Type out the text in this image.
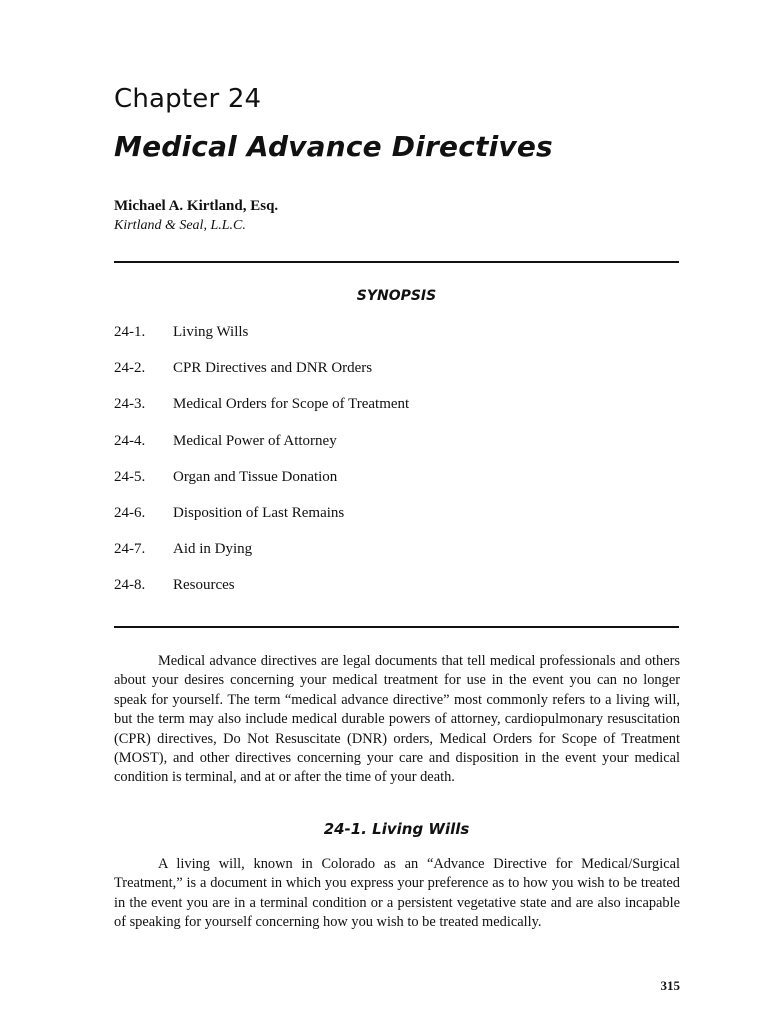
Chapter 24
Medical Advance Directives
Michael A. Kirtland, Esq.
Kirtland & Seal, L.L.C.
SYNOPSIS
24-1.	Living Wills
24-2.	CPR Directives and DNR Orders
24-3.	Medical Orders for Scope of Treatment
24-4.	Medical Power of Attorney
24-5.	Organ and Tissue Donation
24-6.	Disposition of Last Remains
24-7.	Aid in Dying
24-8.	Resources

Medical advance directives are legal documents that tell medical professionals and others about your desires concerning your medical treatment for use in the event you can no longer speak for yourself. The term “medical advance directive” most commonly refers to a living will, but the term may also include medical durable powers of attorney, cardiopulmonary resuscitation (CPR) directives, Do Not Resuscitate (DNR) orders, Medical Orders for Scope of Treatment (MOST), and other directives concerning your care and disposition in the event your medical condition is terminal, and at or after the time of your death.

24-1. Living Wills

A living will, known in Colorado as an “Advance Directive for Medical/Surgical Treatment,” is a document in which you express your preference as to how you wish to be treated in the event you are in a terminal condition or a persistent vegetative state and are also incapable of speaking for yourself concerning how you wish to be treated medically.

315
